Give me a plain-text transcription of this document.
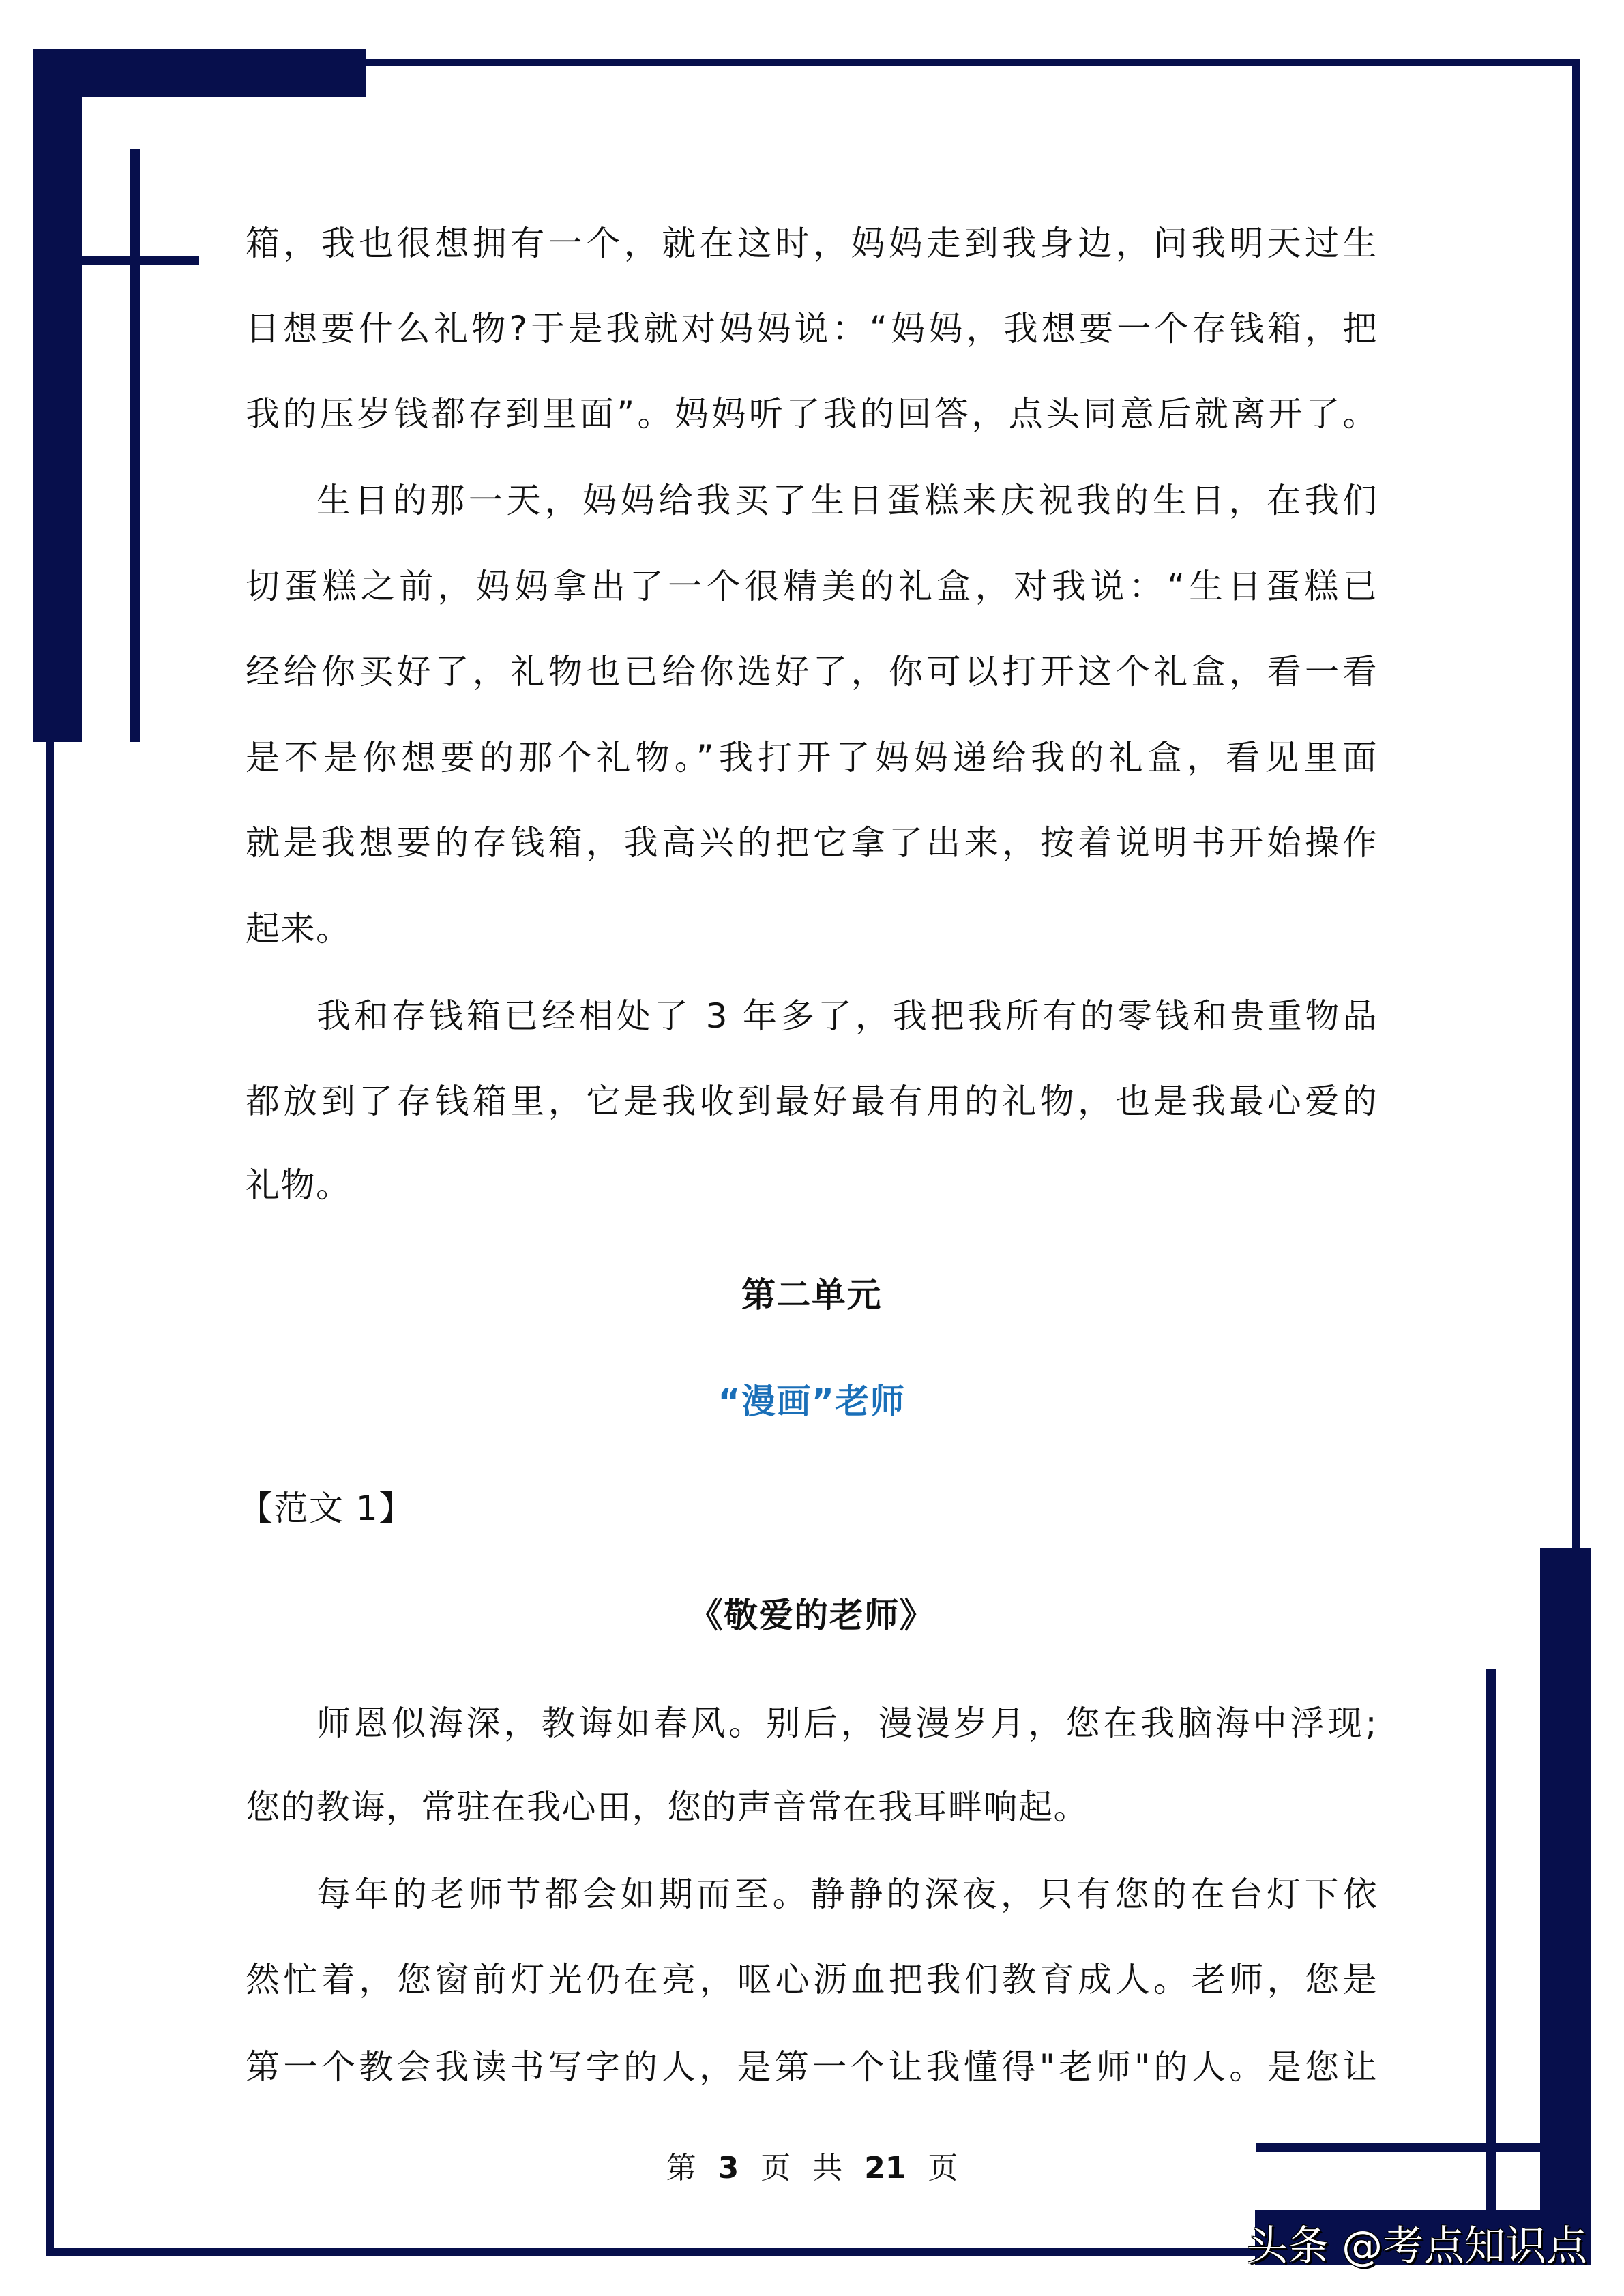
箱，我也很想拥有一个，就在这时，妈妈走到我身边，问我明天过生
日想要什么礼物?于是我就对妈妈说：“妈妈，我想要一个存钱箱，把
我的压岁钱都存到里面”。妈妈听了我的回答，点头同意后就离开了。
生日的那一天，妈妈给我买了生日蛋糕来庆祝我的生日，在我们
切蛋糕之前，妈妈拿出了一个很精美的礼盒，对我说：“生日蛋糕已
经给你买好了，礼物也已给你选好了，你可以打开这个礼盒，看一看
是不是你想要的那个礼物。”我打开了妈妈递给我的礼盒，看见里面
就是我想要的存钱箱，我高兴的把它拿了出来，按着说明书开始操作
起来。
我和存钱箱已经相处了 3 年多了，我把我所有的零钱和贵重物品
都放到了存钱箱里，它是我收到最好最有用的礼物，也是我最心爱的
礼物。
第二单元
“漫画”老师
【范文 1】
《敬爱的老师》
师恩似海深，教诲如春风。别后，漫漫岁月，您在我脑海中浮现;
您的教诲，常驻在我心田，您的声音常在我耳畔响起。
每年的老师节都会如期而至。静静的深夜，只有您的在台灯下依
然忙着，您窗前灯光仍在亮，呕心沥血把我们教育成人。老师，您是
第一个教会我读书写字的人，是第一个让我懂得"老师"的人。是您让
第 3 页 共 21 页
头条 @考点知识点
